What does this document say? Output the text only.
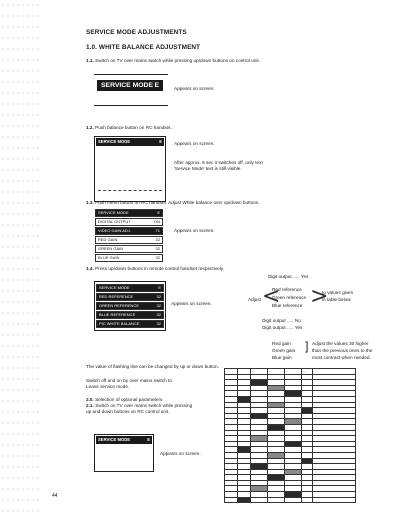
SERVICE MODE ADJUSTMENTS
1.0. WHITE BALANCE ADJUSTMENT
1.1. Switch on TV over mains switch while pressing up/down buttons on control unit.
SERVICE MODE E	Appears on screen.
1.2. Push balance button on RC handset.
SERVICE MODE	E	Appears on screen.
After approx. 6 sec it switches off, only text
'Service Mode' text is still visible.
1.3. Push menu button on RC handset. Adjust White balance over up/down buttons.
SERVICE MODE	E
DIGITAL OUTPUT	ON
VIDEO GAIN ADJ.	71
RED GAIN	32
GREEN GAIN	32
BLUE GAIN	32
Appears on screen.
1.4. Press up/down buttons in remote control handset respectively.
SERVICE MODE	E
RED REFERENCE	32
GREEN REFERENCE	32
BLUE REFERENCE	32
PIC WHITE BALANCE	32
Appears on screen.
Digit output ..... Yes
Adjust <
Red reference
Green reference
Blue reference >
to values given
in table below
Digit output ..... No
Digit output ..... Yes
Red gain
Green gain
Blue gain
] Adjust the values 30 higher
than the previous ones to the
most contrast when needed
The value of flashing line can be changed by up or down button.
Switch off and on by over mains switch to
Leave service mode.
2.0. Selection of optional parameters
2.1. Switch on TV over mains switch while pressing
up and down buttons on RC control unit.
SERVICE MODE	E
Appears on screen.
		...	...	...	...	

44
